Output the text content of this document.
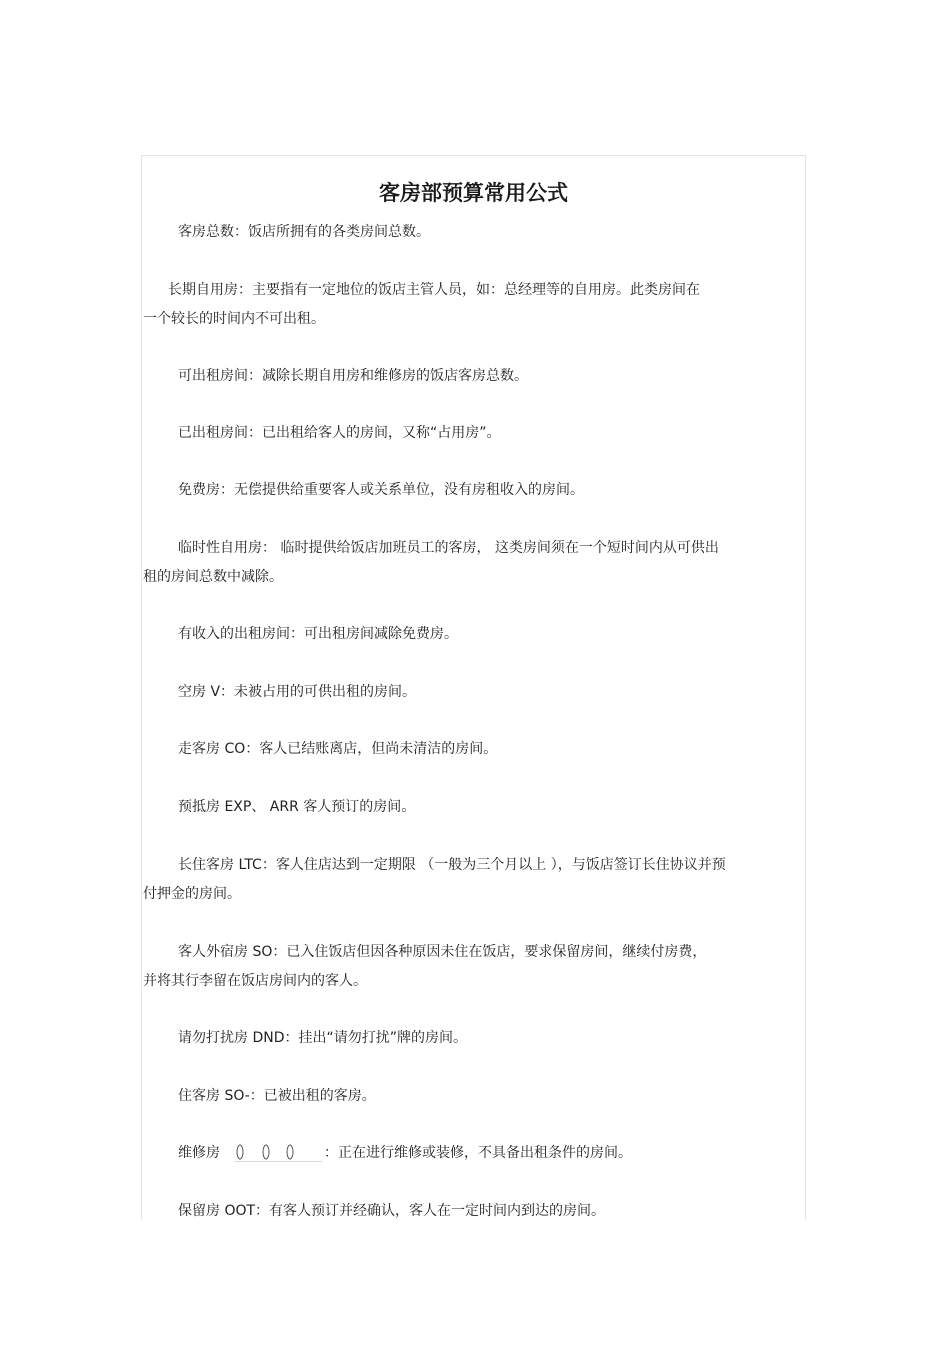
客房部预算常用公式
客房总数：饭店所拥有的各类房间总数。
长期自用房：主要指有一定地位的饭店主管人员，如：总经理等的自用房。此类房间在
一个较长的时间内不可出租。
可出租房间：减除长期自用房和维修房的饭店客房总数。
已出租房间：已出租给客人的房间，又称“占用房”。
免费房：无偿提供给重要客人或关系单位，没有房租收入的房间。
临时性自用房： 临时提供给饭店加班员工的客房， 这类房间须在一个短时间内从可供出
租的房间总数中减除。
有收入的出租房间：可出租房间减除免费房。
空房 V：未被占用的可供出租的房间。
走客房 CO：客人已结账离店，但尚未清洁的房间。
预抵房 EXP、 ARR 客人预订的房间。
长住客房 LTC：客人住店达到一定期限 （一般为三个月以上 ），与饭店签订长住协议并预
付押金的房间。
客人外宿房 SO：已入住饭店但因各种原因未住在饭店，要求保留房间，继续付房费，
并将其行李留在饭店房间内的客人。
请勿打扰房 DND：挂出“请勿打扰”牌的房间。
住客房 SO-：已被出租的客房。
维修房	：正在进行维修或装修，不具备出租条件的房间。
保留房 OOT：有客人预订并经确认，客人在一定时间内到达的房间。
